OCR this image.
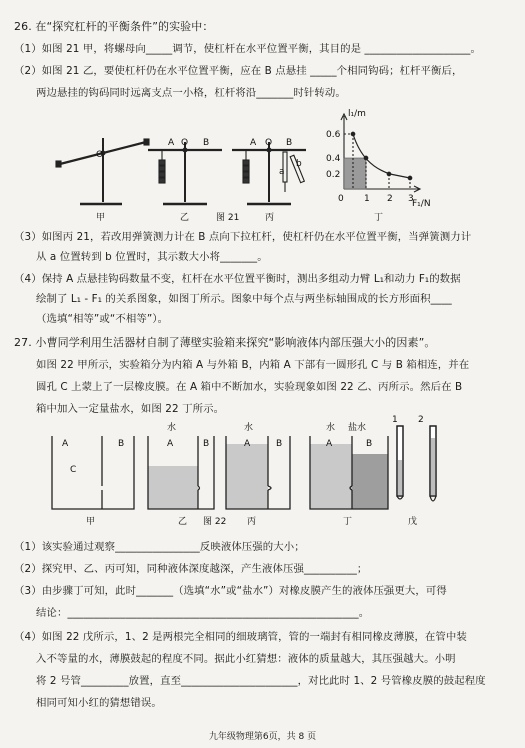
26. 在“探究杠杆的平衡条件”的实验中：
（1）如图 21 甲，将螺母向_____调节，使杠杆在水平位置平衡，其目的是 ____________________。
（2）如图 21 乙，要使杠杆仍在水平位置平衡，应在 B 点悬挂 _____个相同钩码；杠杆平衡后，
两边悬挂的钩码同时远离支点一小格，杠杆将沿_______时针转动。
O
A O B	A O B
a
b
l₁/m
F₁/N
0
0.6
0.4
0.2
1 2 3
甲	乙	图 21	丙	丁
（3）如图丙 21，若改用弹簧测力计在 B 点向下拉杠杆，使杠杆仍在水平位置平衡，当弹簧测力计
从 a 位置转到 b 位置时，其示数大小将_______。
（4）保持 A 点悬挂钩码数量不变，杠杆在水平位置平衡时，测出多组动力臂 L₁和动力 F₁的数据
绘制了 L₁ - F₁ 的关系图象，如图丁所示。图象中每个点与两坐标轴围成的长方形面积____
（选填“相等”或“不相等”）。
27. 小曹同学利用生活器材自制了薄壁实验箱来探究“影响液体内部压强大小的因素”。
如图 22 甲所示，实验箱分为内箱 A 与外箱 B，内箱 A 下部有一圆形孔 C 与 B 箱相连，并在
圆孔 C 上蒙上了一层橡皮膜。在 A 箱中不断加水，实验现象如图 22 乙、丙所示。然后在 B
箱中加入一定量盐水，如图 22 丁所示。
A	B
C
水
A	B
水
A	B
水 盐水
A	B
1 2
甲	乙 图 22 丙	丁	戊
（1）该实验通过观察________________反映液体压强的大小；
（2）探究甲、乙、丙可知，同种液体深度越深，产生液体压强__________；
（3）由步骤丁可知，此时_______（选填“水”或“盐水”）对橡皮膜产生的液体压强更大，可得
结论：_______________________________________________________。
（4）如图 22 戊所示，1、2 是两根完全相同的细玻璃管，管的一端封有相同橡皮薄膜，在管中装
入不等量的水，薄膜鼓起的程度不同。据此小红猜想：液体的质量越大，其压强越大。小明
将 2 号管_________放置，直至______________________，对比此时 1、2 号管橡皮膜的鼓起程度
相同可知小红的猜想错误。
九年级物理第6页，共 8 页
